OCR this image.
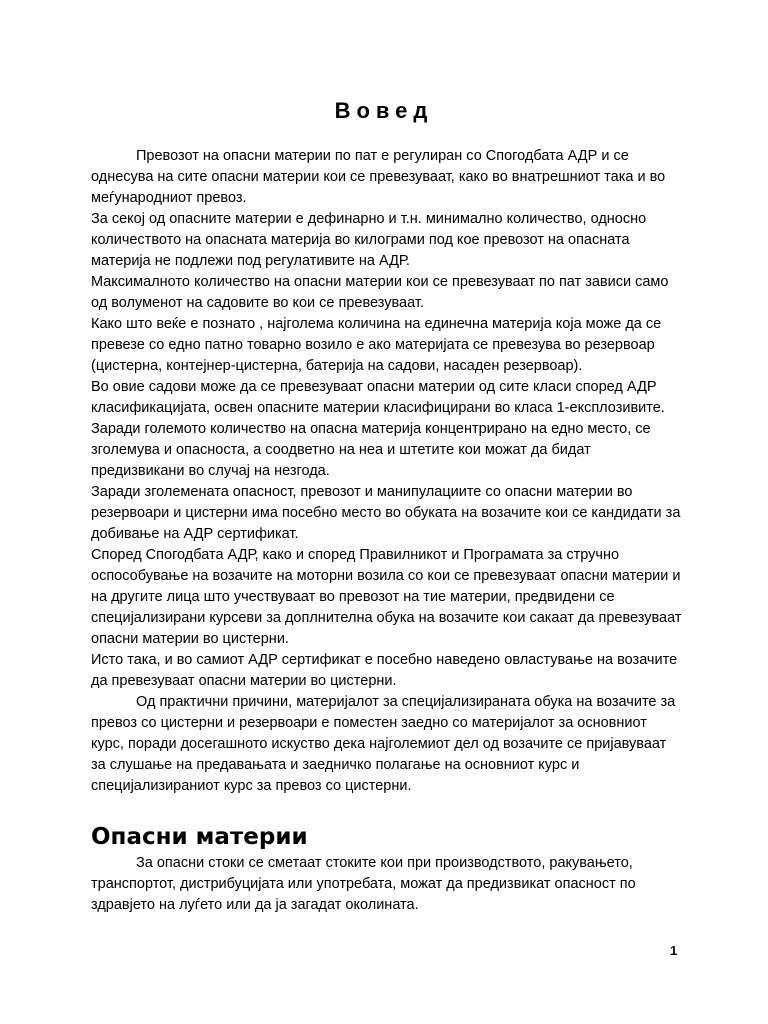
Вовед

Превозот на опасни материи по пат е регулиран со Спогодбата АДР и се однесува на сите опасни материи кои се превезуваат, како во внатрешниот така и во меѓународниот превоз.

За секој од опасните материи е дефинарно и т.н. минимално количество, односно количеството на опасната материја во килограми под кое превозот на опасната материја не подлежи под регулативите на АДР.

Максималното количество на опасни материи кои се превезуваат по пат зависи само од волуменот на садовите во кои се превезуваат.

Како што веќе е познато , најголема количина на единечна материја која може да се превезе со едно патно товарно возило е ако материјата се превезува во резервоар (цистерна, контејнер-цистерна, батерија на садови, насаден резервоар).

Во овие садови може да се превезуваат опасни материи од сите класи според АДР класификацијата, освен опасните материи класифицирани во класа 1-експлозивите.

Заради големото количество на опасна материја концентрирано на едно место, се зголемува и опасноста, а соодветно на неа и штетите кои можат да бидат предизвикани во случај на незгода.

Заради зголемената опасност, превозот и манипулациите со опасни материи во резервоари и цистерни има посебно место во обуката на возачите кои се кандидати за добивање на АДР сертификат.

Според Спогодбата АДР, како и според Правилникот и Програмата за стручно оспособување на возачите на моторни возила со кои се превезуваат опасни материи и на другите лица што учествуваат во превозот на тие материи, предвидени се специјализирани курсеви за доплнителна обука на возачите кои сакаат да превезуваат опасни материи во цистерни.

Исто така, и во самиот АДР сертификат е посебно наведено овластување на возачите да превезуваат опасни материи во цистерни.

Од практични причини, материјалот за специјализираната обука на возачите за превоз со цистерни и резервоари е поместен заедно со материјалот за основниот курс, поради досегашното искуство дека најголемиот дел од возачите се пријавуваат за слушање на предавањата и заедничко полагање на основниот курс и специјализираниот курс за превоз со цистерни.

Опасни материи

За опасни стоки се сметаат стоките кои при производството, ракувањето, транспортот, дистрибуцијата или употребата, можат да предизвикат опасност по здравјето на луѓето или да ја загадат околината.

1
